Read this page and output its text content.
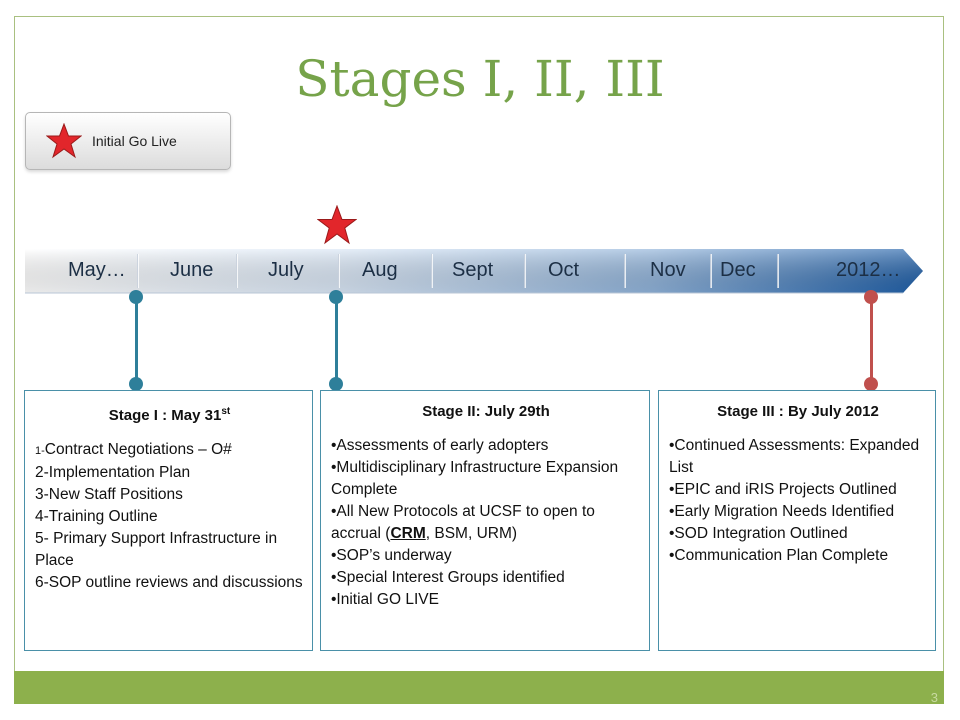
Stages I, II, III
Initial Go Live
May… June	July	Aug	Sept	Oct	Nov Dec	2012…
Stage I : May 31st
1-Contract Negotiations – O#
2-Implementation Plan
3-New Staff Positions
4-Training Outline
5- Primary Support Infrastructure in Place
6-SOP outline reviews and discussions
Stage II: July 29th
•Assessments of early adopters
•Multidisciplinary Infrastructure Expansion Complete
•All New Protocols at UCSF to open to accrual (CRM, BSM, URM)
•SOP’s underway
•Special Interest Groups identified
•Initial GO LIVE
Stage III : By July 2012
•Continued Assessments: Expanded List
•EPIC and iRIS Projects Outlined
•Early Migration Needs Identified
•SOD Integration Outlined
•Communication Plan Complete
3
